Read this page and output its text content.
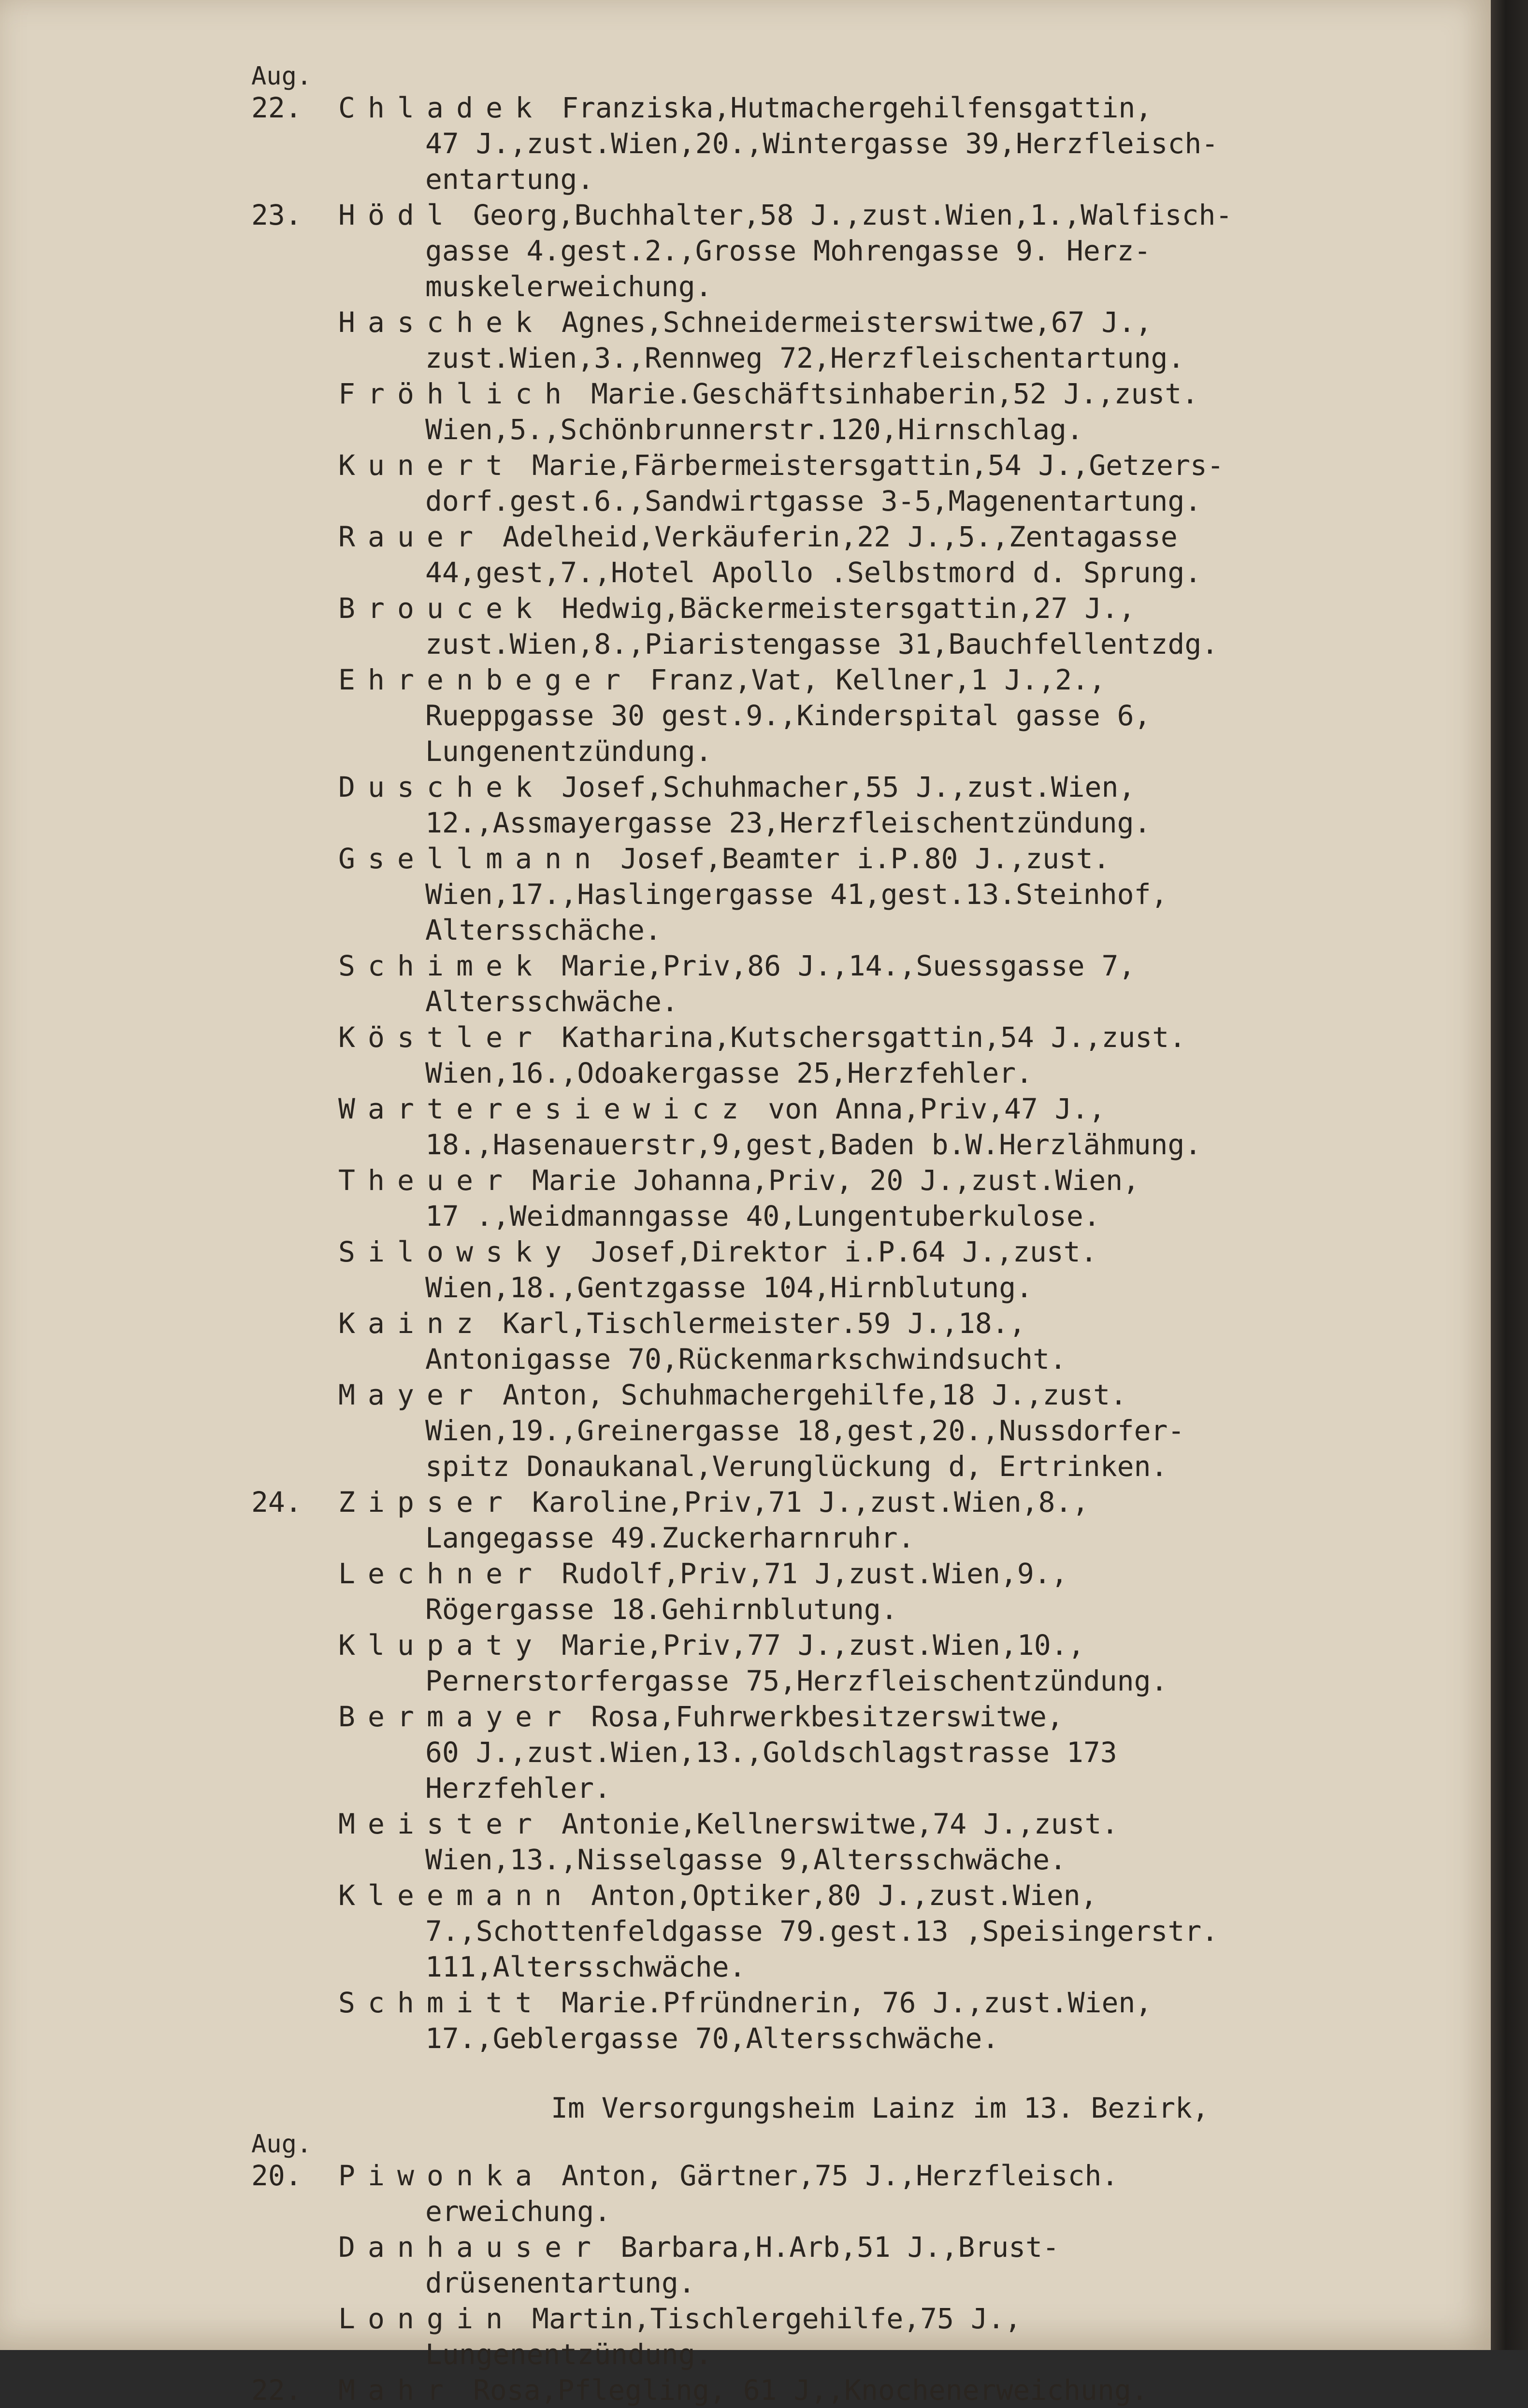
Aug.
22. Chladek Franziska,Hutmachergehilfensgattin,
47 J.,zust.Wien,20.,Wintergasse 39,Herzfleisch-
entartung.
23. Hödl Georg,Buchhalter,58 J.,zust.Wien,1.,Walfisch-
gasse 4.gest.2.,Grosse Mohrengasse 9. Herz-
muskelerweichung.
Haschek Agnes,Schneidermeisterswitwe,67 J.,
zust.Wien,3.,Rennweg 72,Herzfleischentartung.
Fröhlich Marie.Geschäftsinhaberin,52 J.,zust.
Wien,5.,Schönbrunnerstr.120,Hirnschlag.
Kunert Marie,Färbermeistersgattin,54 J.,Getzers-
dorf.gest.6.,Sandwirtgasse 3-5,Magenentartung.
Rauer Adelheid,Verkäuferin,22 J.,5.,Zentagasse
44,gest,7.,Hotel Apollo .Selbstmord d. Sprung.
Broucek Hedwig,Bäckermeistersgattin,27 J.,
zust.Wien,8.,Piaristengasse 31,Bauchfellentzdg.
Ehrenbeger Franz,Vat, Kellner,1 J.,2.,
Rueppgasse 30 gest.9.,Kinderspital gasse 6,
Lungenentzündung.
Duschek Josef,Schuhmacher,55 J.,zust.Wien,
12.,Assmayergasse 23,Herzfleischentzündung.
Gsellmann Josef,Beamter i.P.80 J.,zust.
Wien,17.,Haslingergasse 41,gest.13.Steinhof,
Altersschäche.
Schimek Marie,Priv,86 J.,14.,Suessgasse 7,
Altersschwäche.
Köstler Katharina,Kutschersgattin,54 J.,zust.
Wien,16.,Odoakergasse 25,Herzfehler.
Warteresiewicz von Anna,Priv,47 J.,
18.,Hasenauerstr,9,gest,Baden b.W.Herzlähmung.
Theuer Marie Johanna,Priv, 20 J.,zust.Wien,
17 .,Weidmanngasse 40,Lungentuberkulose.
Silowsky Josef,Direktor i.P.64 J.,zust.
Wien,18.,Gentzgasse 104,Hirnblutung.
Kainz Karl,Tischlermeister.59 J.,18.,
Antonigasse 70,Rückenmarkschwindsucht.
Mayer Anton, Schuhmachergehilfe,18 J.,zust.
Wien,19.,Greinergasse 18,gest,20.,Nussdorfer-
spitz Donaukanal,Verunglückung d, Ertrinken.
24. Zipser Karoline,Priv,71 J.,zust.Wien,8.,
Langegasse 49.Zuckerharnruhr.
Lechner Rudolf,Priv,71 J,zust.Wien,9.,
Rögergasse 18.Gehirnblutung.
Klupaty Marie,Priv,77 J.,zust.Wien,10.,
Pernerstorfergasse 75,Herzfleischentzündung.
Bermayer Rosa,Fuhrwerkbesitzerswitwe,
60 J.,zust.Wien,13.,Goldschlagstrasse 173
Herzfehler.
Meister Antonie,Kellnerswitwe,74 J.,zust.
Wien,13.,Nisselgasse 9,Altersschwäche.
Kleemann Anton,Optiker,80 J.,zust.Wien,
7.,Schottenfeldgasse 79.gest.13 ,Speisingerstr.
111,Altersschwäche.
Schmitt Marie.Pfründnerin, 76 J.,zust.Wien,
17.,Geblergasse 70,Altersschwäche.
Im Versorgungsheim Lainz im 13. Bezirk,
Aug.
20. Piwonka Anton, Gärtner,75 J.,Herzfleisch.
erweichung.
Danhauser Barbara,H.Arb,51 J.,Brust-
drüsenentartung.
Longin Martin,Tischlergehilfe,75 J.,
Lungenentzündung.
22. Mahr Rosa,Pflegling, 61 J,,Knochenerweichung.
